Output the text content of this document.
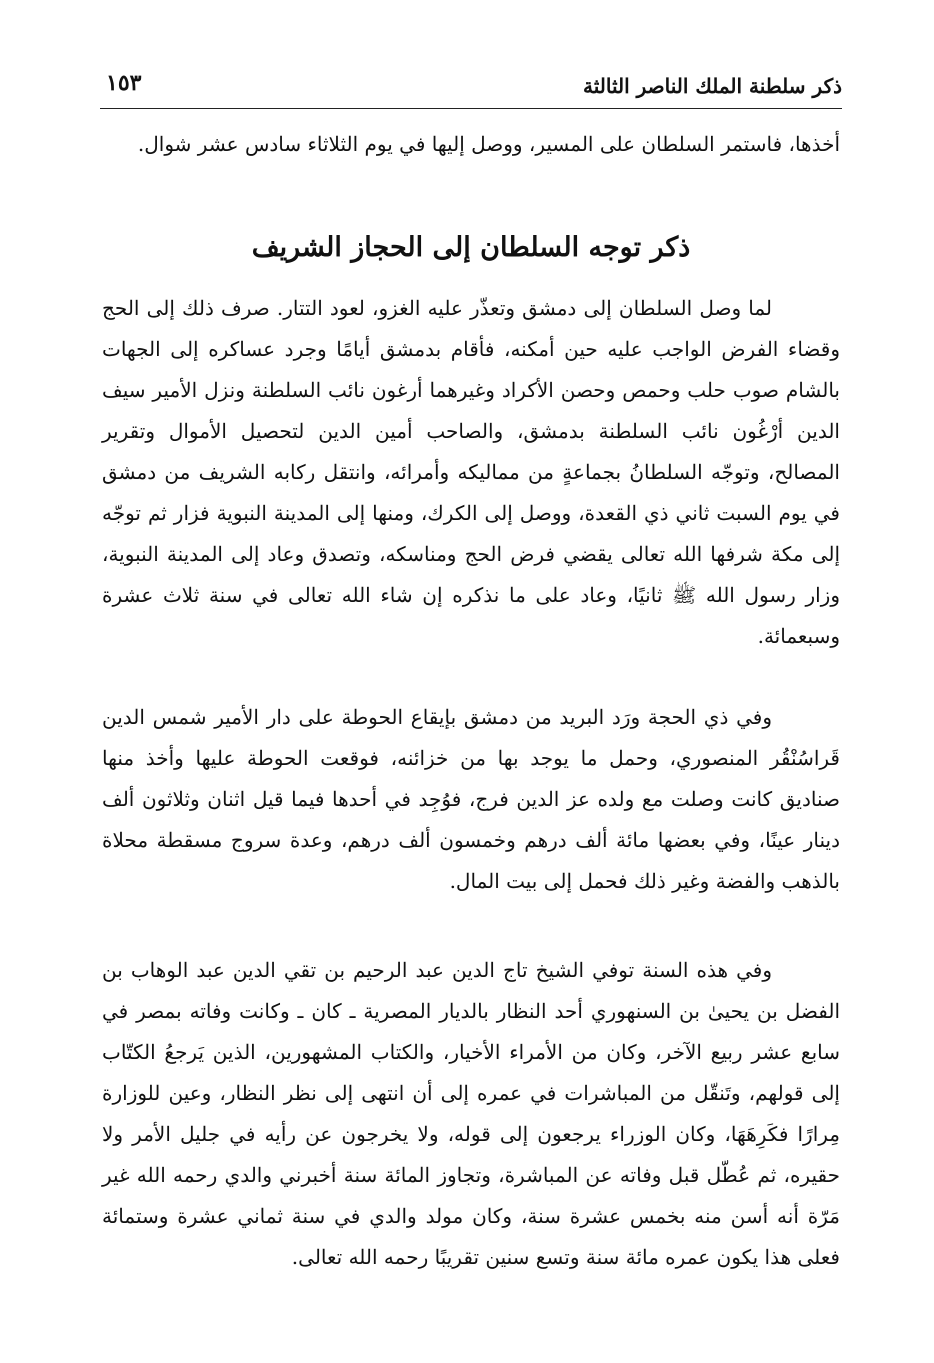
ذكر سلطنة الملك الناصر الثالثة
١٥٣

أخذها، فاستمر السلطان على المسير، ووصل إليها في يوم الثلاثاء سادس عشر شوال.

ذكر توجه السلطان إلى الحجاز الشريف

لما وصل السلطان إلى دمشق وتعذّر عليه الغزو، لعود التتار. صرف ذلك إلى الحج وقضاء الفرض الواجب عليه حين أمكنه، فأقام بدمشق أيامًا وجرد عساكره إلى الجهات بالشام صوب حلب وحمص وحصن الأكراد وغيرهما أرغون نائب السلطنة ونزل الأمير سيف الدين أرْغُون نائب السلطنة بدمشق، والصاحب أمين الدين لتحصيل الأموال وتقرير المصالح، وتوجّه السلطانُ بجماعةٍ من مماليكه وأمرائه، وانتقل ركابه الشريف من دمشق في يوم السبت ثاني ذي القعدة، ووصل إلى الكرك، ومنها إلى المدينة النبوية فزار ثم توجّه إلى مكة شرفها الله تعالى يقضي فرض الحج ومناسكه، وتصدق وعاد إلى المدينة النبوية، وزار رسول الله ﷺ ثانيًا، وعاد على ما نذكره إن شاء الله تعالى في سنة ثلاث عشرة وسبعمائة.

وفي ذي الحجة ورَد البريد من دمشق بإيقاع الحوطة على دار الأمير شمس الدين قَراسُنْقُر المنصوري، وحمل ما يوجد بها من خزائنه، فوقعت الحوطة عليها وأخذ منها صناديق كانت وصلت مع ولده عز الدين فرج، فوُجِد في أحدها فيما قيل اثنان وثلاثون ألف دينار عينًا، وفي بعضها مائة ألف درهم وخمسون ألف درهم، وعدة سروج مسقطة محلاة بالذهب والفضة وغير ذلك فحمل إلى بيت المال.

وفي هذه السنة توفي الشيخ تاج الدين عبد الرحيم بن تقي الدين عبد الوهاب بن الفضل بن يحيىٰ بن السنهوري أحد النظار بالديار المصرية ـ كان ـ وكانت وفاته بمصر في سابع عشر ربيع الآخر، وكان من الأمراء الأخيار، والكتاب المشهورين، الذين يَرجعُ الكتّاب إلى قولهم، وتَنقّل من المباشرات في عمره إلى أن انتهى إلى نظر النظار، وعين للوزارة مِرارًا فكَرِهَهَا، وكان الوزراء يرجعون إلى قوله، ولا يخرجون عن رأيه في جليل الأمر ولا حقيره، ثم عُطّل قبل وفاته عن المباشرة، وتجاوز المائة سنة أخبرني والدي رحمه الله غير مَرّة أنه أسن منه بخمس عشرة سنة، وكان مولد والدي في سنة ثماني عشرة وستمائة فعلى هذا يكون عمره مائة سنة وتسع سنين تقريبًا رحمه الله تعالى.
